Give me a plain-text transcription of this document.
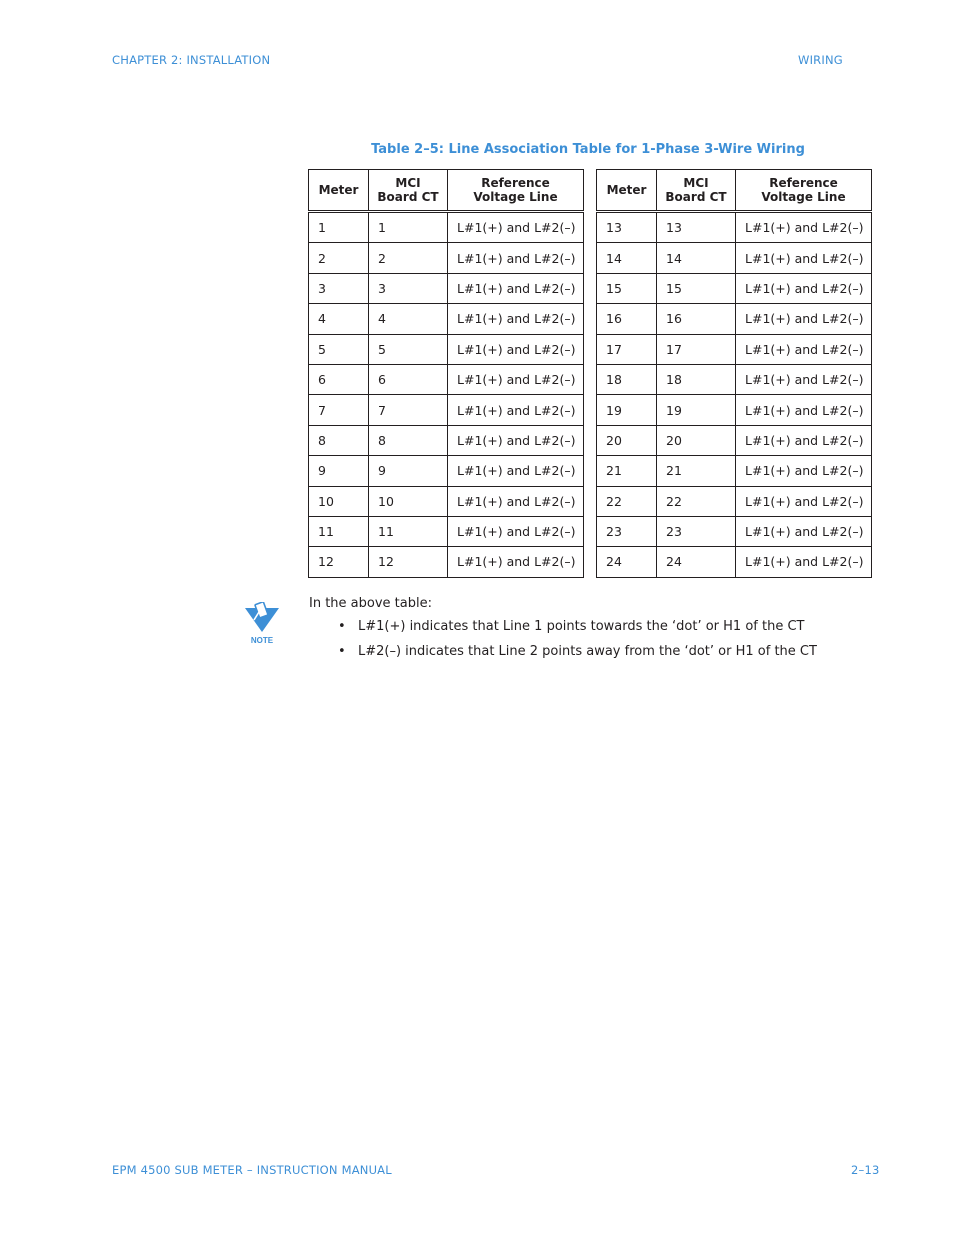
CHAPTER 2: INSTALLATION	WIRING
Table 2–5: Line Association Table for 1-Phase 3-Wire Wiring
Meter	MCI Board CT	Reference Voltage Line
1	1	L#1(+) and L#2(–)
2	2	L#1(+) and L#2(–)
3	3	L#1(+) and L#2(–)
4	4	L#1(+) and L#2(–)
5	5	L#1(+) and L#2(–)
6	6	L#1(+) and L#2(–)
7	7	L#1(+) and L#2(–)
8	8	L#1(+) and L#2(–)
9	9	L#1(+) and L#2(–)
10	10	L#1(+) and L#2(–)
11	11	L#1(+) and L#2(–)
12	12	L#1(+) and L#2(–)
Meter	MCI Board CT	Reference Voltage Line
13	13	L#1(+) and L#2(–)
14	14	L#1(+) and L#2(–)
15	15	L#1(+) and L#2(–)
16	16	L#1(+) and L#2(–)
17	17	L#1(+) and L#2(–)
18	18	L#1(+) and L#2(–)
19	19	L#1(+) and L#2(–)
20	20	L#1(+) and L#2(–)
21	21	L#1(+) and L#2(–)
22	22	L#1(+) and L#2(–)
23	23	L#1(+) and L#2(–)
24	24	L#1(+) and L#2(–)
NOTE
In the above table:
• L#1(+) indicates that Line 1 points towards the ‘dot’ or H1 of the CT
• L#2(–) indicates that Line 2 points away from the ‘dot’ or H1 of the CT
EPM 4500 SUB METER – INSTRUCTION MANUAL	2–13
